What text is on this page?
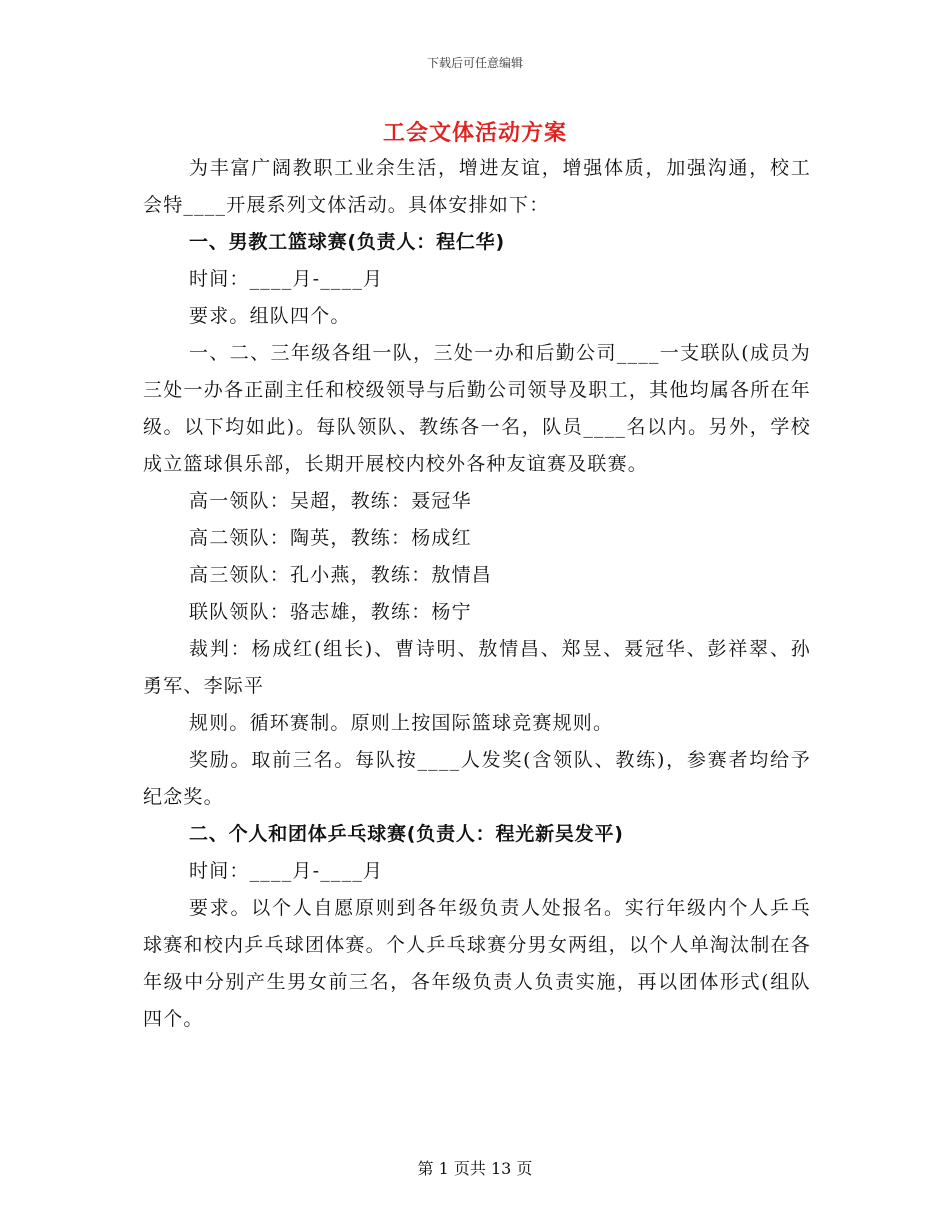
下载后可任意编辑
工会文体活动方案

为丰富广阔教职工业余生活，增进友谊，增强体质，加强沟通，校工会特____开展系列文体活动。具体安排如下：

一、男教工篮球赛(负责人：程仁华)

时间：____月-____月

要求。组队四个。

一、二、三年级各组一队，三处一办和后勤公司____一支联队(成员为三处一办各正副主任和校级领导与后勤公司领导及职工，其他均属各所在年级。以下均如此)。每队领队、教练各一名，队员____名以内。另外，学校成立篮球俱乐部，长期开展校内校外各种友谊赛及联赛。

高一领队：吴超，教练：聂冠华

高二领队：陶英，教练：杨成红

高三领队：孔小燕，教练：敖情昌

联队领队：骆志雄，教练：杨宁

裁判：杨成红(组长)、曹诗明、敖情昌、郑昱、聂冠华、彭祥翠、孙勇军、李际平

规则。循环赛制。原则上按国际篮球竞赛规则。

奖励。取前三名。每队按____人发奖(含领队、教练)，参赛者均给予纪念奖。

二、个人和团体乒乓球赛(负责人：程光新吴发平)

时间：____月-____月

要求。以个人自愿原则到各年级负责人处报名。实行年级内个人乒乓球赛和校内乒乓球团体赛。个人乒乓球赛分男女两组，以个人单淘汰制在各年级中分别产生男女前三名，各年级负责人负责实施，再以团体形式(组队四个。

第 1 页共 13 页
